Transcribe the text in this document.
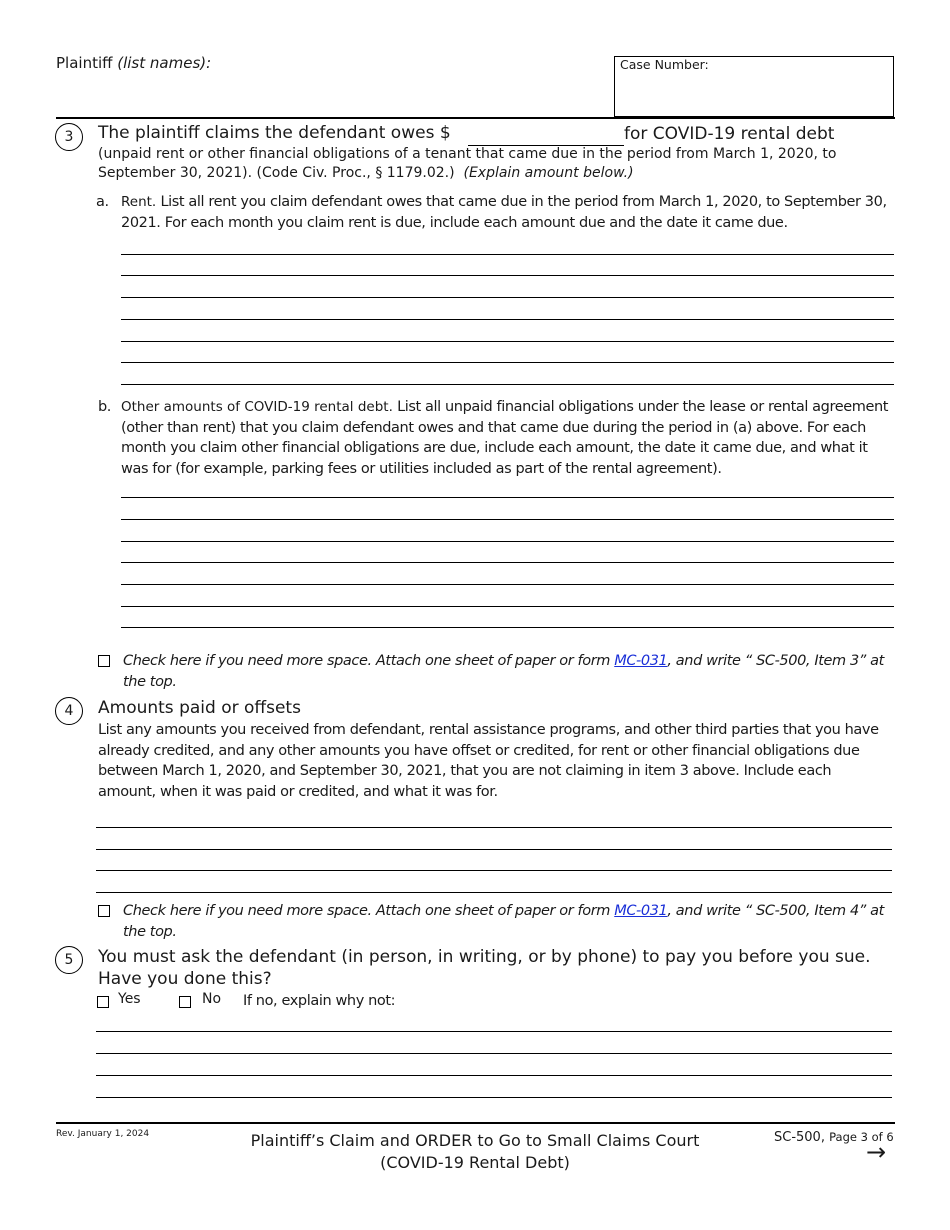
Plaintiff (list names):	Case Number:
3	The plaintiff claims the defendant owes $	for COVID-19 rental debt
(unpaid rent or other financial obligations of a tenant that came due in the period from March 1, 2020, to September 30, 2021). (Code Civ. Proc., § 1179.02.) (Explain amount below.)
a. Rent. List all rent you claim defendant owes that came due in the period from March 1, 2020, to September 30, 2021. For each month you claim rent is due, include each amount due and the date it came due.
b. Other amounts of COVID-19 rental debt. List all unpaid financial obligations under the lease or rental agreement (other than rent) that you claim defendant owes and that came due during the period in (a) above. For each month you claim other financial obligations are due, include each amount, the date it came due, and what it was for (for example, parking fees or utilities included as part of the rental agreement).
Check here if you need more space. Attach one sheet of paper or form MC-031, and write “ SC-500, Item 3” at the top.
4	Amounts paid or offsets
List any amounts you received from defendant, rental assistance programs, and other third parties that you have already credited, and any other amounts you have offset or credited, for rent or other financial obligations due between March 1, 2020, and September 30, 2021, that you are not claiming in item 3 above. Include each amount, when it was paid or credited, and what it was for.
Check here if you need more space. Attach one sheet of paper or form MC-031, and write “ SC-500, Item 4” at the top.
5	You must ask the defendant (in person, in writing, or by phone) to pay you before you sue. Have you done this?
Yes	No If no, explain why not:
Rev. January 1, 2024	Plaintiff’s Claim and ORDER to Go to Small Claims Court
(COVID-19 Rental Debt)
SC-500, Page 3 of 6
→
